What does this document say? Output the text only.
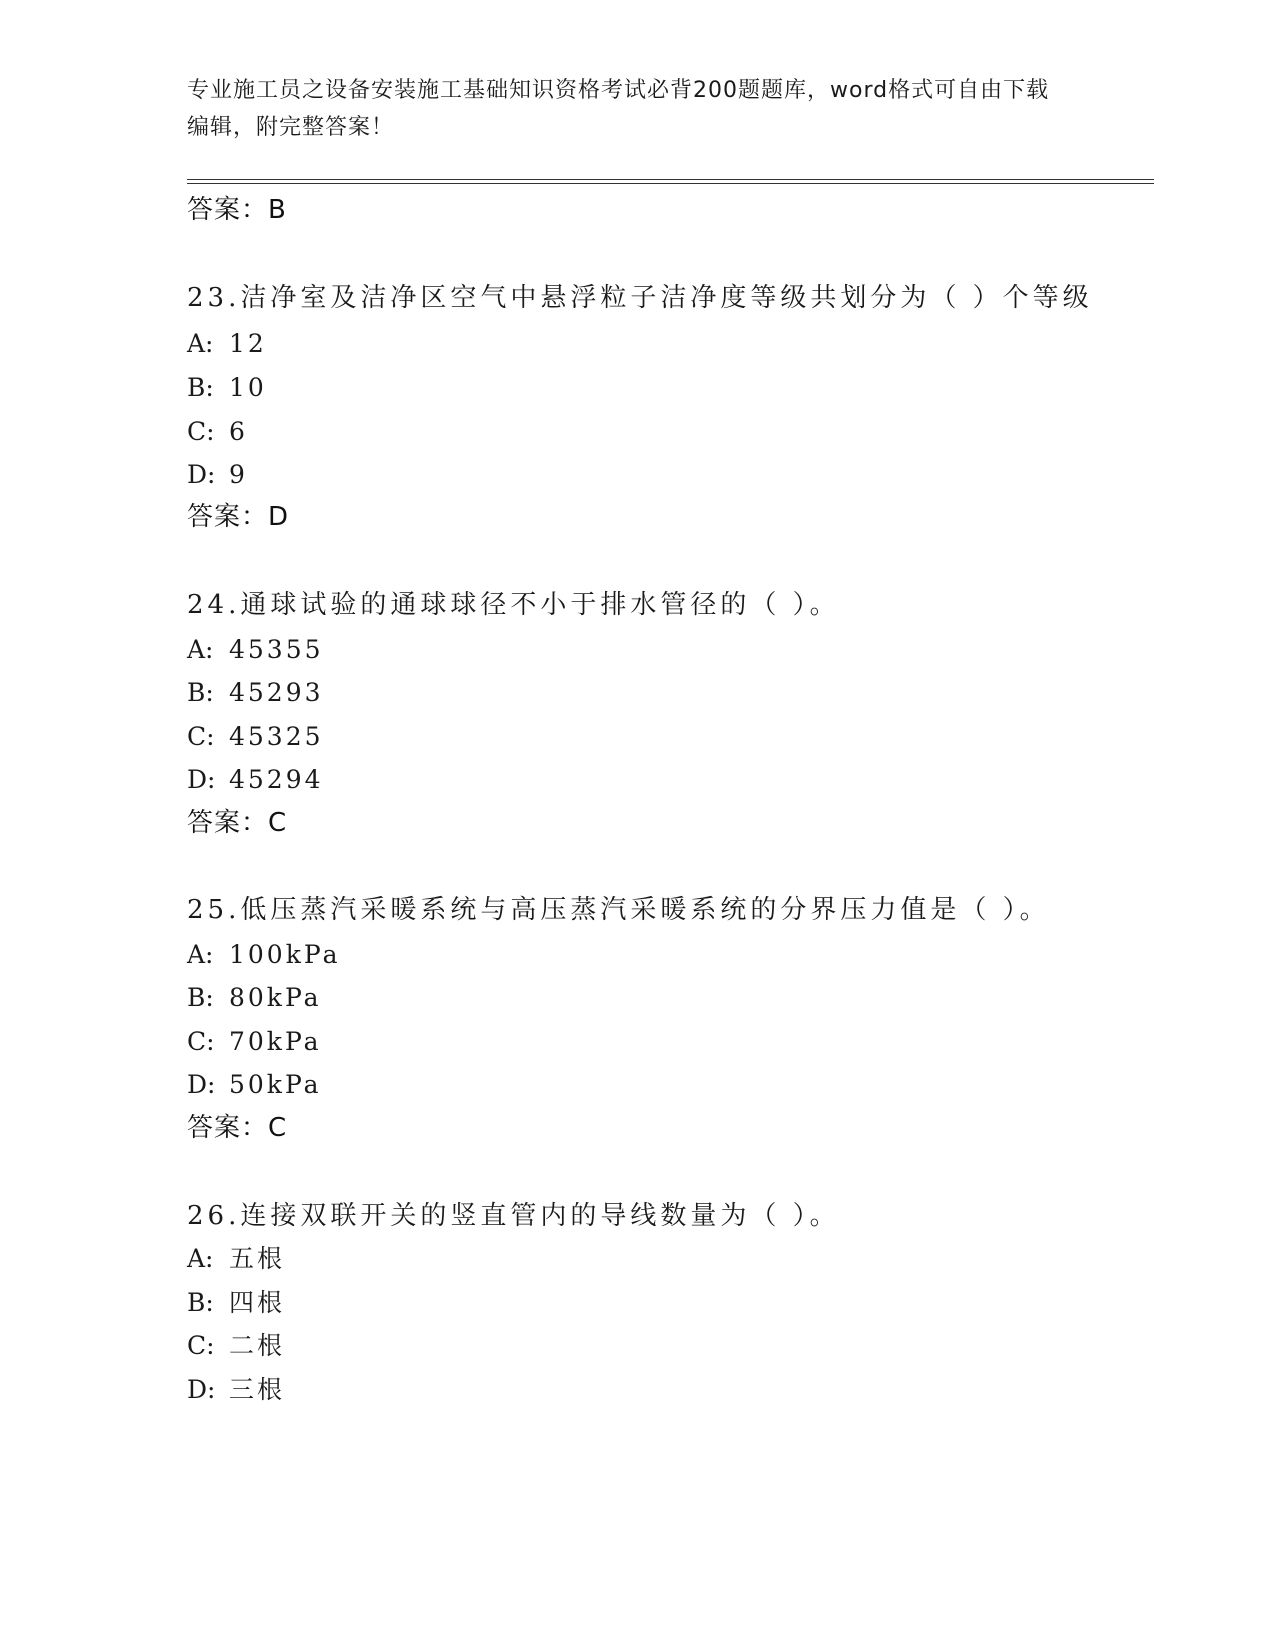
专业施工员之设备安装施工基础知识资格考试必背200题题库，word格式可自由下载编辑，附完整答案！
答案：B
23.洁净室及洁净区空气中悬浮粒子洁净度等级共划分为（ ）个等级
A: 12
B: 10
C: 6
D: 9
答案：D
24.通球试验的通球球径不小于排水管径的（ ）。
A: 45355
B: 45293
C: 45325
D: 45294
答案：C
25.低压蒸汽采暖系统与高压蒸汽采暖系统的分界压力值是（ ）。
A: 100kPa
B: 80kPa
C: 70kPa
D: 50kPa
答案：C
26.连接双联开关的竖直管内的导线数量为（ ）。
A: 五根
B: 四根
C: 二根
D: 三根
